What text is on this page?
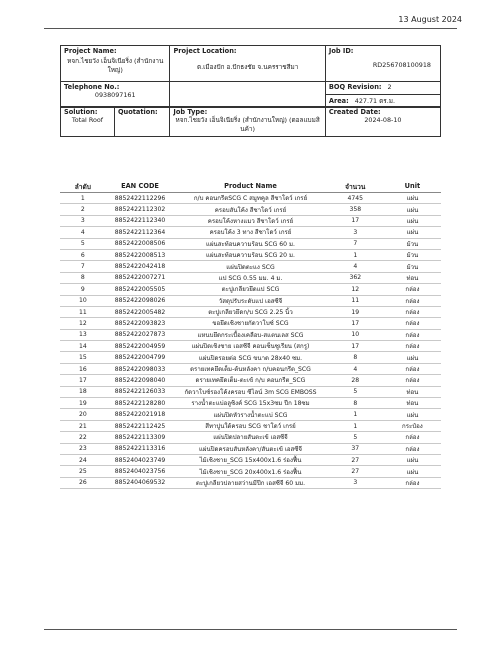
13 August 2024
Project Name:
หจก.ไชยวัง เอ็นจิเนียริ่ง (สำนักงานใหญ่)

Project Location:
ต.เมืองปัก อ.ปักธงชัย จ.นครราชสีมา

Job ID:
RD256708100918

Telephone No.:
0938097161
		BOQ Revision: 2
Area: 427.71 ตร.ม.
Solution:
Total Roof

Quotation:	Job Type:
หจก.ไชยวัง เอ็นจิเนียริ่ง (สำนักงานใหญ่) (ดอลแบมสินค้า)

Created Date:
2024-08-10
ลำดับ	EAN CODE	Product Name	จำนวน	Unit
1	8852422112296	ก/บ คอนกรีตSCG C สมูทคูล สีชาโดว์ เกรย์	4745	แผ่น
2	8852422112302	ครอบสันโค้ง สีชาโดว์ เกรย์	358	แผ่น
3	8852422112340	ครอบโค้งหางแมว สีชาโดว์ เกรย์	17	แผ่น
4	8852422112364	ครอบโค้ง 3 ทาง สีชาโดว์ เกรย์	3	แผ่น
5	8852422008506	แผ่นสะท้อนความร้อน SCG 60 ม.	7	ม้วน
6	8852422008513	แผ่นสะท้อนความร้อน SCG 20 ม.	1	ม้วน
7	8852422042418	แผ่นปิดตะแง SCG	4	ม้วน
8	8852422007271	แป SCG 0.55 มม. 4 ม.	362	ท่อน
9	8852422005505	ตะปูเกลียวยึดแป SCG	12	กล่อง
10	8852422098026	วัสดุปรับระดับแป เอสซีจี	11	กล่อง
11	8852422005482	ตะปูเกลียวยึดก/บ SCG 2.25 นิ้ว	19	กล่อง
12	8852422093823	ขอยึดเชิงชายกัดวาโบซ์ SCG	17	กล่อง
13	8852422027873	แหนบยึดกระเบื้องเคลือบ-สแตนเลส SCG	10	กล่อง
14	8852422004959	แผ่นปิดเชิงชาย เอสซีจี คอนเซ็นซูเรียน (สกรู)	17	กล่อง
15	8852422004799	แผ่นปิดรอยต่อ SCG ขนาด 28x40 ซม.	8	แผ่น
16	8852422098033	ดรายเทคยึดเต็ม-ต้นหลังคา ก/บคอนกรีต_SCG	4	กล่อง
17	8852422098040	ดรายเทคยึดเต็ม-ตะเข้ ก/บ คอนกรีต_SCG	28	กล่อง
18	8852422126033	กัดวาโบซ์รองโค้งครอบ ซีไลน์ 3m SCG EMBOSS	5	ท่อน
19	8852422128280	รางน้ำตะแบ่อลูซิงค์ SCG 15x3ซม ปีก 18ซม	8	ท่อน
20	8852422021918	แผ่นปิดหัวรางน้ำตะแบ่ SCG	1	แผ่น
21	8852422112425	สีทาปูนใต้ครอบ SCG ชาโดว์ เกรย์	1	กระป๋อง
22	8852422113309	แผ่นปิดปลายสันตะเข้ เอสซีจี	5	กล่อง
23	8852422113316	แผ่นปิดครอบสันหลังคา/สันตะเข้ เอสซีจี	37	กล่อง
24	8852404023749	ไม้เชิงชาย_SCG 15x400x1.6 ร่องฟื้น	27	แผ่น
25	8852404023756	ไม้เชิงชาย_SCG 20x400x1.6 ร่องฟื้น	27	แผ่น
26	8852404069532	ตะปูเกลียวปลายสว่านมีปีก เอสซีจี 60 มม.	3	กล่อง
